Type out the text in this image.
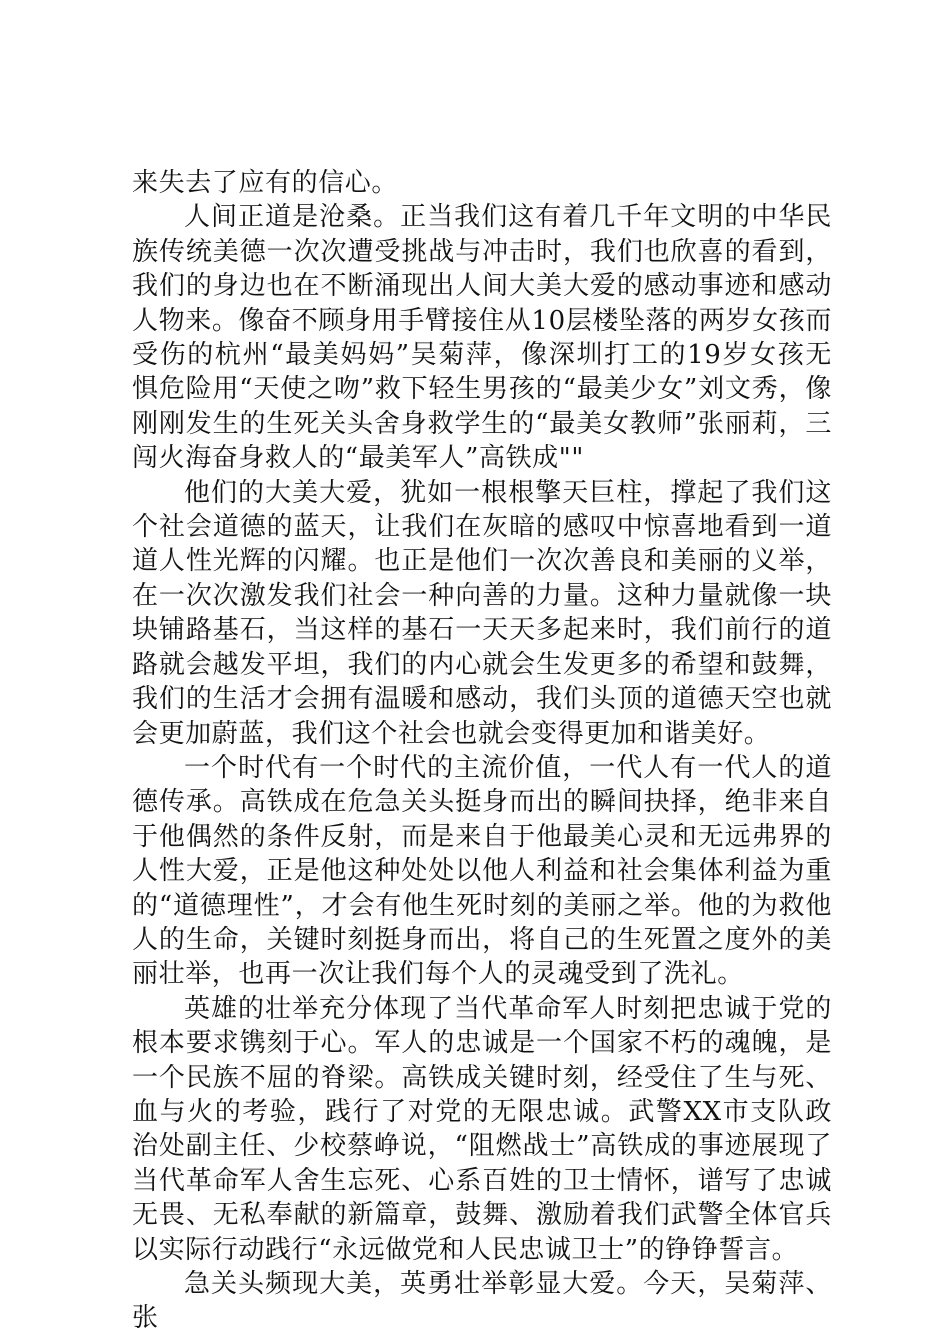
来失去了应有的信心。

人间正道是沧桑。正当我们这有着几千年文明的中华民族传统美德一次次遭受挑战与冲击时，我们也欣喜的看到，我们的身边也在不断涌现出人间大美大爱的感动事迹和感动人物来。像奋不顾身用手臂接住从10层楼坠落的两岁女孩而受伤的杭州“最美妈妈”吴菊萍，像深圳打工的19岁女孩无惧危险用“天使之吻”救下轻生男孩的“最美少女”刘文秀，像刚刚发生的生死关头舍身救学生的“最美女教师”张丽莉，三闯火海奋身救人的“最美军人”高铁成""

他们的大美大爱，犹如一根根擎天巨柱，撑起了我们这个社会道德的蓝天，让我们在灰暗的感叹中惊喜地看到一道道人性光辉的闪耀。也正是他们一次次善良和美丽的义举，在一次次激发我们社会一种向善的力量。这种力量就像一块块铺路基石，当这样的基石一天天多起来时，我们前行的道路就会越发平坦，我们的内心就会生发更多的希望和鼓舞，我们的生活才会拥有温暖和感动，我们头顶的道德天空也就会更加蔚蓝，我们这个社会也就会变得更加和谐美好。

一个时代有一个时代的主流价值，一代人有一代人的道德传承。高铁成在危急关头挺身而出的瞬间抉择，绝非来自于他偶然的条件反射，而是来自于他最美心灵和无远弗界的人性大爱，正是他这种处处以他人利益和社会集体利益为重的“道德理性”，才会有他生死时刻的美丽之举。他的为救他人的生命，关键时刻挺身而出，将自己的生死置之度外的美丽壮举，也再一次让我们每个人的灵魂受到了洗礼。

英雄的壮举充分体现了当代革命军人时刻把忠诚于党的根本要求镌刻于心。军人的忠诚是一个国家不朽的魂魄，是一个民族不屈的脊梁。高铁成关键时刻，经受住了生与死、血与火的考验，践行了对党的无限忠诚。武警XX市支队政治处副主任、少校蔡峥说，“阻燃战士”高铁成的事迹展现了当代革命军人舍生忘死、心系百姓的卫士情怀，谱写了忠诚无畏、无私奉献的新篇章，鼓舞、激励着我们武警全体官兵以实际行动践行“永远做党和人民忠诚卫士”的铮铮誓言。

急关头频现大美，英勇壮举彰显大爱。今天，吴菊萍、张
